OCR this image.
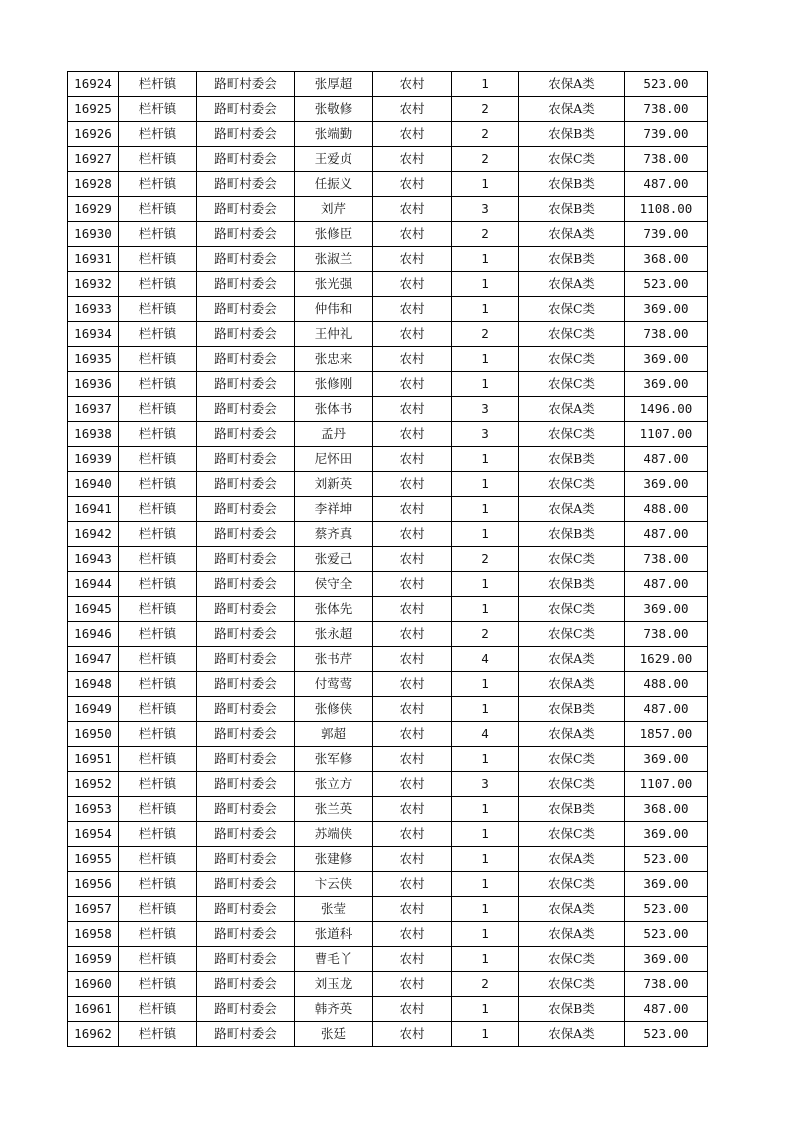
16924	栏杆镇	路町村委会	张厚超	农村	1	农保A类	523.00
16925	栏杆镇	路町村委会	张敬修	农村	2	农保A类	738.00
16926	栏杆镇	路町村委会	张端勤	农村	2	农保B类	739.00
16927	栏杆镇	路町村委会	王爱贞	农村	2	农保C类	738.00
16928	栏杆镇	路町村委会	任振义	农村	1	农保B类	487.00
16929	栏杆镇	路町村委会	刘芹	农村	3	农保B类	1108.00
16930	栏杆镇	路町村委会	张修臣	农村	2	农保A类	739.00
16931	栏杆镇	路町村委会	张淑兰	农村	1	农保B类	368.00
16932	栏杆镇	路町村委会	张光强	农村	1	农保A类	523.00
16933	栏杆镇	路町村委会	仲伟和	农村	1	农保C类	369.00
16934	栏杆镇	路町村委会	王仲礼	农村	2	农保C类	738.00
16935	栏杆镇	路町村委会	张忠来	农村	1	农保C类	369.00
16936	栏杆镇	路町村委会	张修刚	农村	1	农保C类	369.00
16937	栏杆镇	路町村委会	张体书	农村	3	农保A类	1496.00
16938	栏杆镇	路町村委会	孟丹	农村	3	农保C类	1107.00
16939	栏杆镇	路町村委会	尼怀田	农村	1	农保B类	487.00
16940	栏杆镇	路町村委会	刘新英	农村	1	农保C类	369.00
16941	栏杆镇	路町村委会	李祥坤	农村	1	农保A类	488.00
16942	栏杆镇	路町村委会	蔡齐真	农村	1	农保B类	487.00
16943	栏杆镇	路町村委会	张爱己	农村	2	农保C类	738.00
16944	栏杆镇	路町村委会	侯守全	农村	1	农保B类	487.00
16945	栏杆镇	路町村委会	张体先	农村	1	农保C类	369.00
16946	栏杆镇	路町村委会	张永超	农村	2	农保C类	738.00
16947	栏杆镇	路町村委会	张书芹	农村	4	农保A类	1629.00
16948	栏杆镇	路町村委会	付莺莺	农村	1	农保A类	488.00
16949	栏杆镇	路町村委会	张修侠	农村	1	农保B类	487.00
16950	栏杆镇	路町村委会	郭超	农村	4	农保A类	1857.00
16951	栏杆镇	路町村委会	张军修	农村	1	农保C类	369.00
16952	栏杆镇	路町村委会	张立方	农村	3	农保C类	1107.00
16953	栏杆镇	路町村委会	张兰英	农村	1	农保B类	368.00
16954	栏杆镇	路町村委会	苏端侠	农村	1	农保C类	369.00
16955	栏杆镇	路町村委会	张建修	农村	1	农保A类	523.00
16956	栏杆镇	路町村委会	卞云侠	农村	1	农保C类	369.00
16957	栏杆镇	路町村委会	张莹	农村	1	农保A类	523.00
16958	栏杆镇	路町村委会	张道科	农村	1	农保A类	523.00
16959	栏杆镇	路町村委会	曹毛丫	农村	1	农保C类	369.00
16960	栏杆镇	路町村委会	刘玉龙	农村	2	农保C类	738.00
16961	栏杆镇	路町村委会	韩齐英	农村	1	农保B类	487.00
16962	栏杆镇	路町村委会	张廷	农村	1	农保A类	523.00
